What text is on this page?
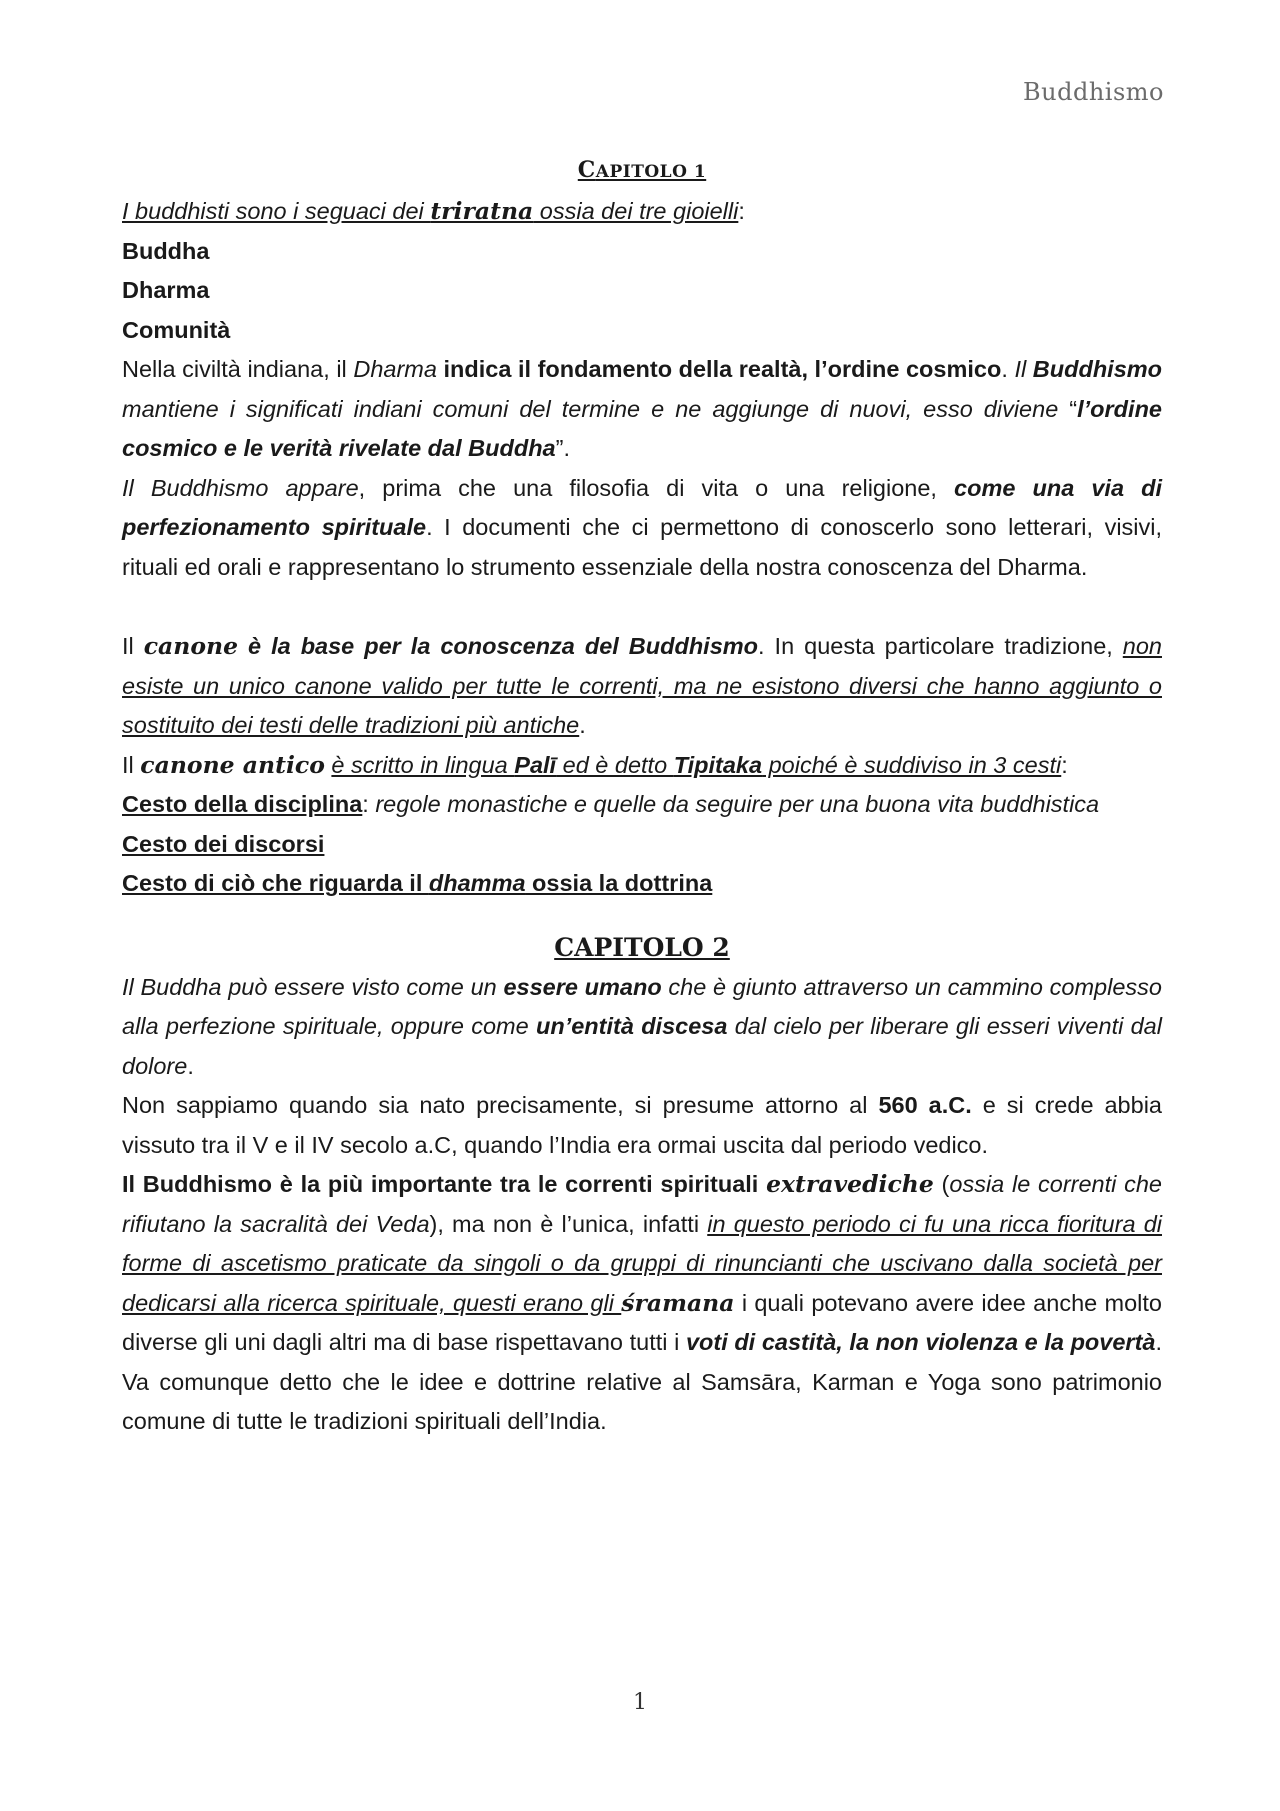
Buddhismo
CAPITOLO 1

I buddhisti sono i seguaci dei triratna ossia dei tre gioielli:

Buddha

Dharma

Comunità

Nella civiltà indiana, il Dharma indica il fondamento della realtà, l’ordine cosmico. Il Buddhismo mantiene i significati indiani comuni del termine e ne aggiunge di nuovi, esso diviene “l’ordine cosmico e le verità rivelate dal Buddha”.

Il Buddhismo appare, prima che una filosofia di vita o una religione, come una via di perfezionamento spirituale. I documenti che ci permettono di conoscerlo sono letterari, visivi, rituali ed orali e rappresentano lo strumento essenziale della nostra conoscenza del Dharma.

Il canone è la base per la conoscenza del Buddhismo. In questa particolare tradizione, non esiste un unico canone valido per tutte le correnti, ma ne esistono diversi che hanno aggiunto o sostituito dei testi delle tradizioni più antiche.

Il canone antico è scritto in lingua Palī ed è detto Tipitaka poiché è suddiviso in 3 cesti:

Cesto della disciplina: regole monastiche e quelle da seguire per una buona vita buddhistica

Cesto dei discorsi

Cesto di ciò che riguarda il dhamma ossia la dottrina

CAPITOLO 2

Il Buddha può essere visto come un essere umano che è giunto attraverso un cammino complesso alla perfezione spirituale, oppure come un’entità discesa dal cielo per liberare gli esseri viventi dal dolore.

Non sappiamo quando sia nato precisamente, si presume attorno al 560 a.C. e si crede abbia vissuto tra il V e il IV secolo a.C, quando l’India era ormai uscita dal periodo vedico.

Il Buddhismo è la più importante tra le correnti spirituali extravediche (ossia le correnti che rifiutano la sacralità dei Veda), ma non è l’unica, infatti in questo periodo ci fu una ricca fioritura di forme di ascetismo praticate da singoli o da gruppi di rinuncianti che uscivano dalla società per dedicarsi alla ricerca spirituale, questi erano gli śramana i quali potevano avere idee anche molto diverse gli uni dagli altri ma di base rispettavano tutti i voti di castità, la non violenza e la povertà. Va comunque detto che le idee e dottrine relative al Samsāra, Karman e Yoga sono patrimonio comune di tutte le tradizioni spirituali dell’India.

1
